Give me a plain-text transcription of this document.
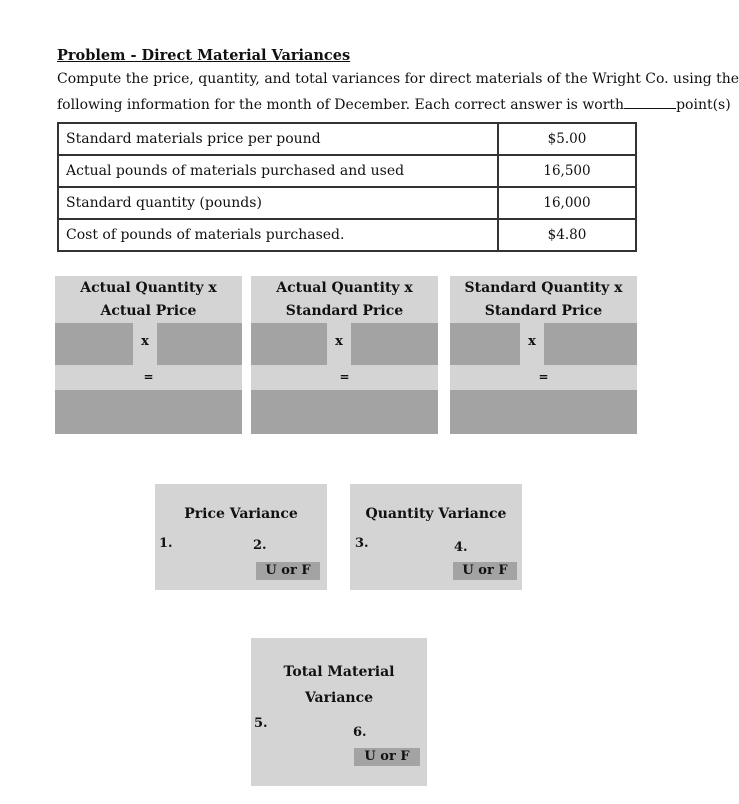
Problem - Direct Material Variances
Compute the price, quantity, and total variances for direct materials of the Wright Co. using the
following information for the month of December. Each correct answer is worth	point(s)
Standard materials price per pound	$5.00
Actual pounds of materials purchased and used	16,500
Standard quantity (pounds)	16,000
Cost of pounds of materials purchased.	$4.80
Actual Quantity x
Actual Price
x
=
Actual Quantity x
Standard Price
x
=
Standard Quantity x
Standard Price
x
=
Price Variance
1.	2.
U or F
Quantity Variance
3.	4.
U or F
Total Material
Variance
5.
6.
U or F
